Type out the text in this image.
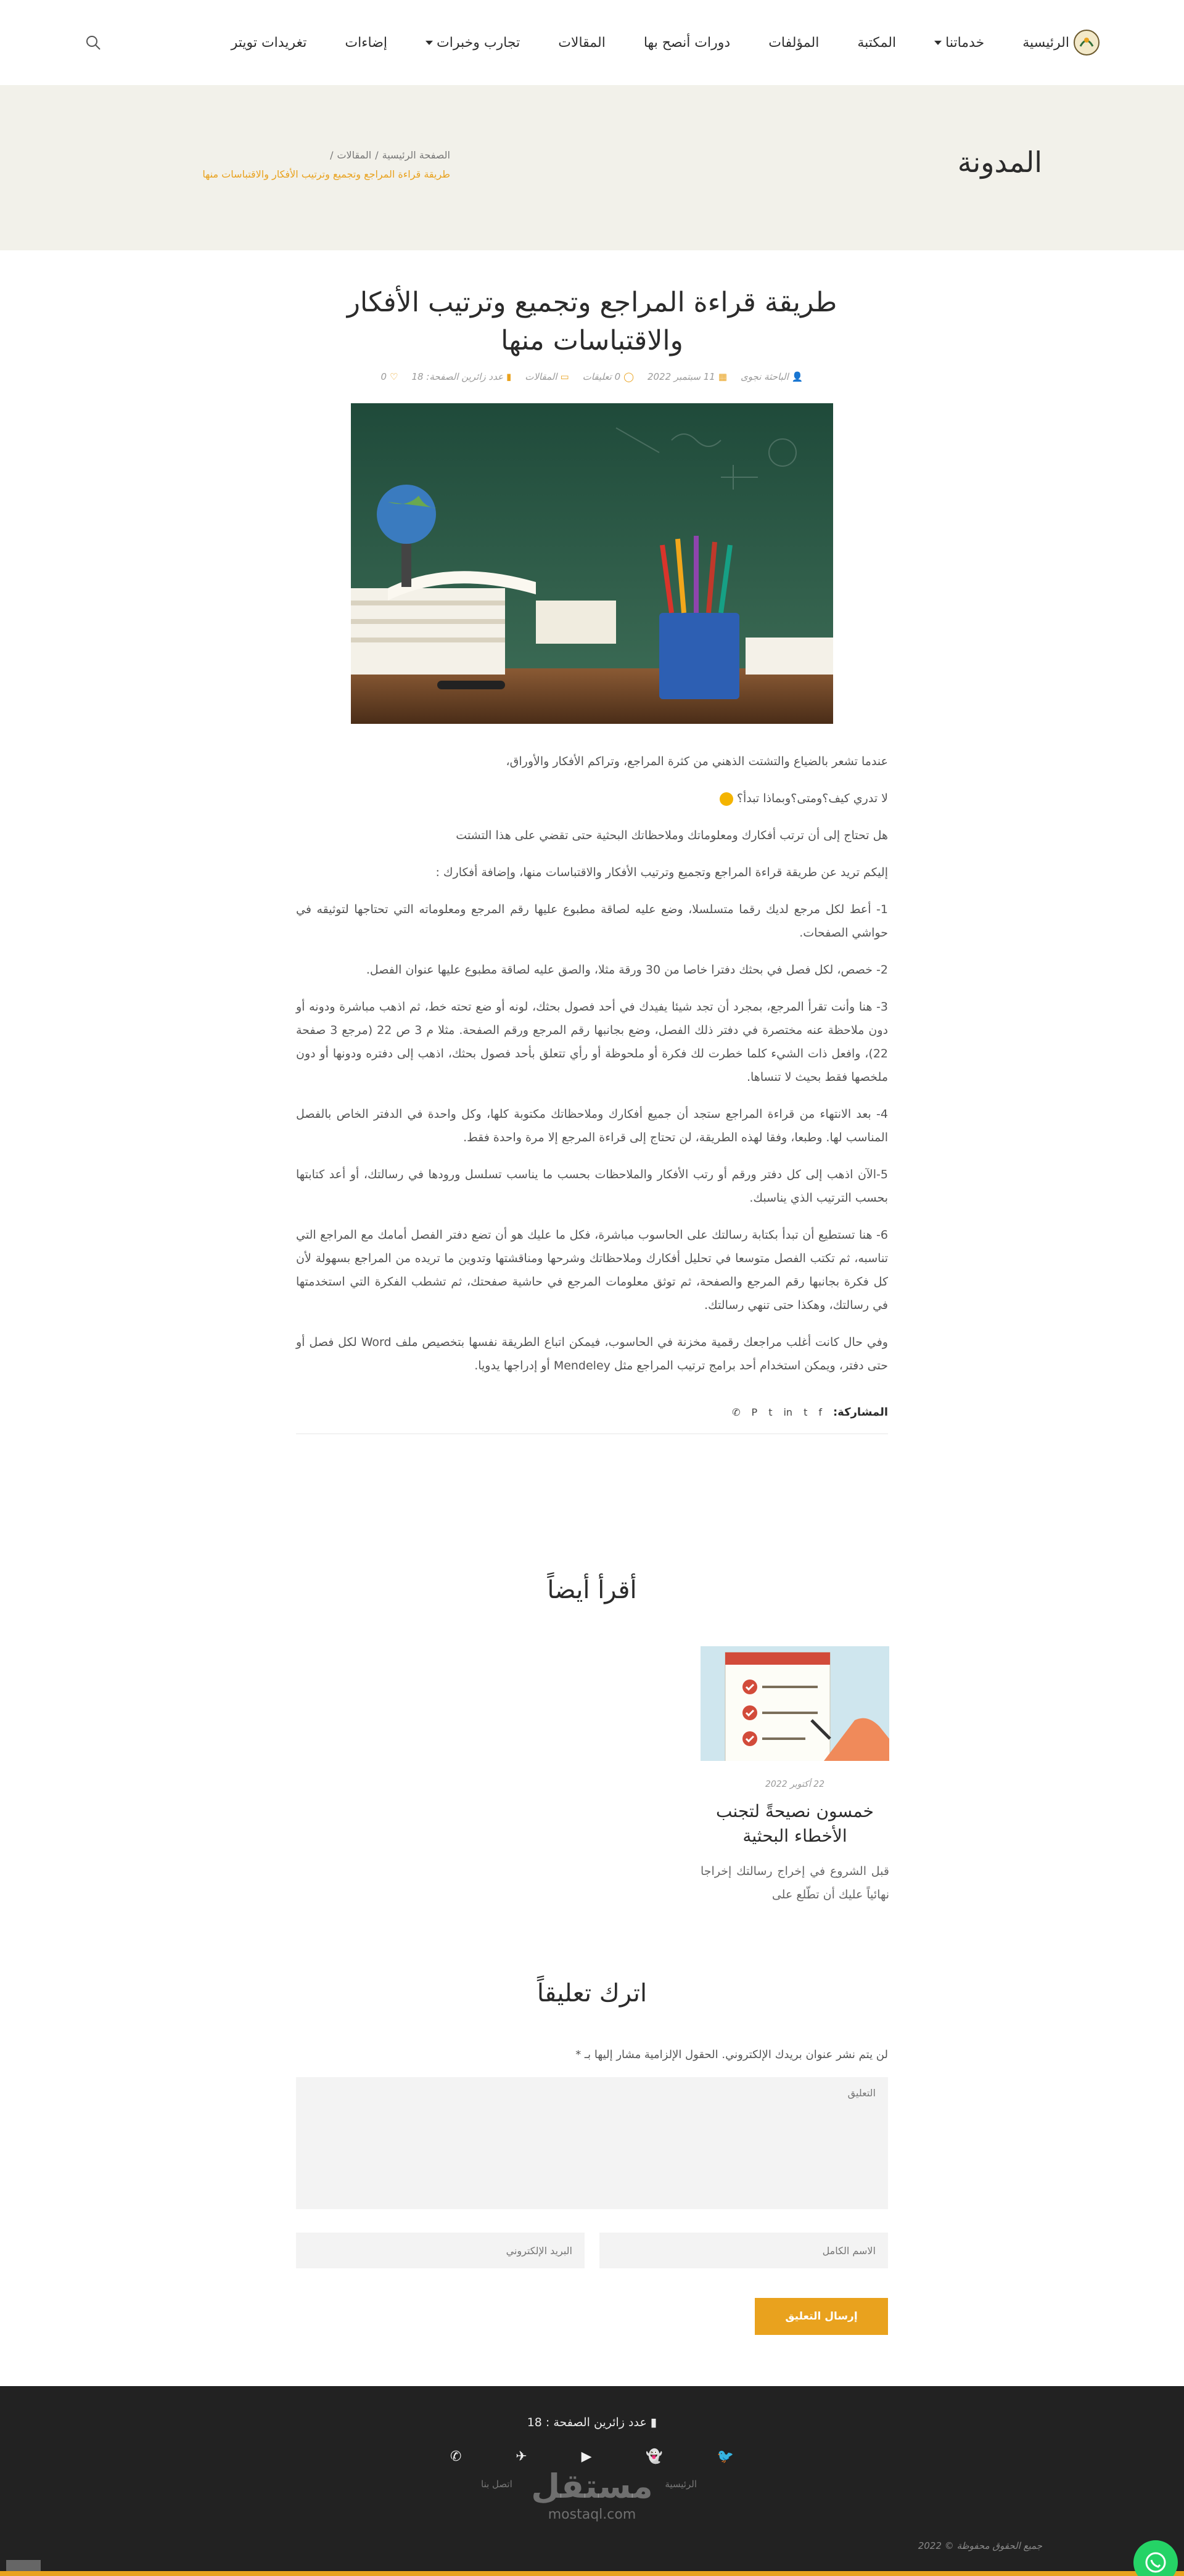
الرئيسية
خدماتنا
المكتبة
المؤلفات
دورات أنصح بها
المقالات
تجارب وخبرات
إضاءات
تغريدات تويتر
المدونة
الصفحة الرئيسية/المقالات/
طريقة قراءة المراجع وتجميع وترتيب الأفكار والاقتباسات منها
طريقة قراءة المراجع وتجميع وترتيب الأفكار والاقتباسات منها
👤الباحثة نجوى
▦11 سبتمبر 2022
◯0 تعليقات
▭المقالات
▮عدد زائرين الصفحة: 18
♡0

عندما تشعر بالضياع والتشتت الذهني من كثرة المراجع، وتراكم الأفكار والأوراق،

لا تدري كيف؟ومتى؟وبماذا تبدأ؟

هل تحتاج إلى أن ترتب أفكارك ومعلوماتك وملاحظاتك البحثية حتى تقضي على هذا التشتت

إليكم تريد عن طريقة قراءة المراجع وتجميع وترتيب الأفكار والاقتباسات منها، وإضافة أفكارك :

1- أعط لكل مرجع لديك رقما متسلسلا، وضع عليه لصاقة مطبوع عليها رقم المرجع ومعلوماته التي تحتاجها لتوثيقه في حواشي الصفحات.

2- خصص، لكل فصل في بحثك دفترا خاصا من 30 ورقة مثلا، والصق عليه لصاقة مطبوع عليها عنوان الفصل.

3- هنا وأنت تقرأ المرجع، بمجرد أن تجد شيئا يفيدك في أحد فصول بحثك، لونه أو ضع تحته خط، ثم اذهب مباشرة ودونه أو دون ملاحظة عنه مختصرة في دفتر ذلك الفصل، وضع بجانبها رقم المرجع ورقم الصفحة. مثلا م 3 ص 22 (مرجع 3 صفحة 22)، وافعل ذات الشيء كلما خطرت لك فكرة أو ملحوظة أو رأي تتعلق بأحد فصول بحثك، اذهب إلى دفتره ودونها أو دون ملخصها فقط بحيث لا تنساها.

4- بعد الانتهاء من قراءة المراجع ستجد أن جميع أفكارك وملاحظاتك مكتوبة كلها، وكل واحدة في الدفتر الخاص بالفصل المناسب لها. وطبعا، وفقا لهذه الطريقة، لن تحتاج إلى قراءة المرجع إلا مرة واحدة فقط.

5-الآن اذهب إلى كل دفتر ورقم أو رتب الأفكار والملاحظات بحسب ما يناسب تسلسل ورودها في رسالتك، أو أعد كتابتها بحسب الترتيب الذي يناسبك.

6- هنا تستطيع أن تبدأ بكتابة رسالتك على الحاسوب مباشرة، فكل ما عليك هو أن تضع دفتر الفصل أمامك مع المراجع التي تناسبه، ثم تكتب الفصل متوسعا في تحليل أفكارك وملاحظاتك وشرحها ومناقشتها وتدوين ما تريده من المراجع بسهولة لأن كل فكرة بجانبها رقم المرجع والصفحة، ثم توثق معلومات المرجع في حاشية صفحتك، ثم تشطب الفكرة التي استخدمتها في رسالتك، وهكذا حتى تنهي رسالتك.

وفي حال كانت أغلب مراجعك رقمية مخزنة في الحاسوب، فيمكن اتباع الطريقة نفسها بتخصيص ملف Word لكل فصل أو حتى دفتر، ويمكن استخدام أحد برامج ترتيب المراجع مثل Mendeley أو إدراجها يدويا.

المشاركة:
f
t
in
t
P
✆
أقرأ أيضاً
22 أكتوبر 2022
خمسون نصيحةً لتجنب الأخطاء البحثية
قبل الشروع في إخراج رسالتك إخراجا نهائياً عليك أن تطّلع على
اترك تعليقاً
لن يتم نشر عنوان بريدك الإلكتروني. الحقول الإلزامية مشار إليها بـ *
التعليق
الاسم الكامل
البريد الإلكتروني
إرسال التعليق
▮ عدد زائرين الصفحة : 18
🐦
👻
▶
✈
✆
الرئيسية
اتصل بنا مستقل
mostaql.com
جميع الحقوق محفوظة © 2022
